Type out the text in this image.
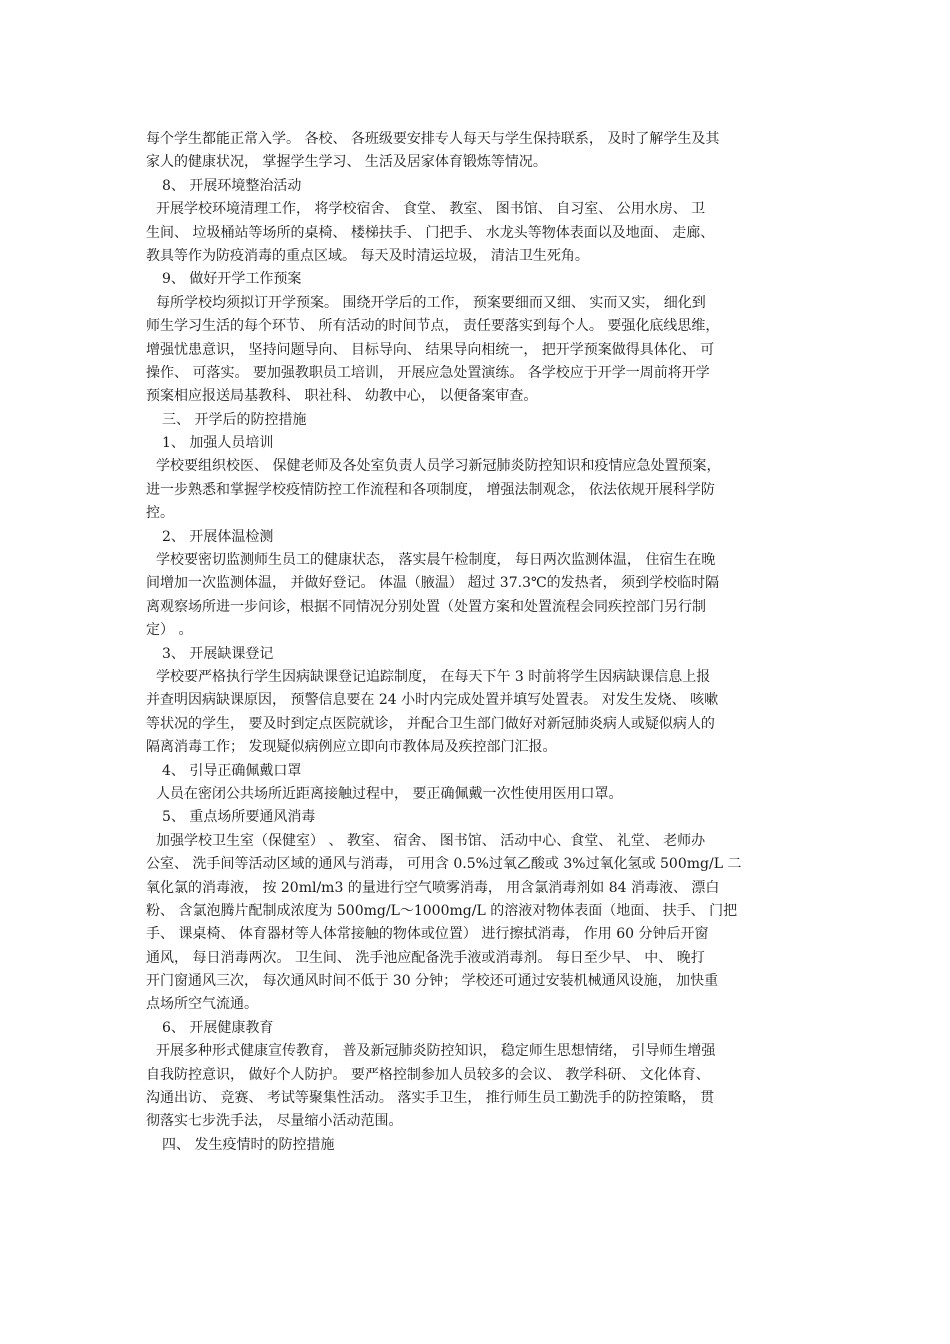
每个学生都能正常入学。 各校、 各班级要安排专人每天与学生保持联系， 及时了解学生及其
家人的健康状况， 掌握学生学习、 生活及居家体育锻炼等情况。
8、 开展环境整治活动
开展学校环境清理工作， 将学校宿舍、 食堂、 教室、 图书馆、 自习室、 公用水房、 卫
生间、 垃圾桶站等场所的桌椅、 楼梯扶手、 门把手、 水龙头等物体表面以及地面、 走廊、
教具等作为防疫消毒的重点区域。 每天及时清运垃圾， 清洁卫生死角。
9、 做好开学工作预案
每所学校均须拟订开学预案。 围绕开学后的工作， 预案要细而又细、 实而又实， 细化到
师生学习生活的每个环节、 所有活动的时间节点， 责任要落实到每个人。 要强化底线思维，
增强忧患意识， 坚持问题导向、 目标导向、 结果导向相统一， 把开学预案做得具体化、 可
操作、 可落实。 要加强教职员工培训， 开展应急处置演练。 各学校应于开学一周前将开学
预案相应报送局基教科、 职社科、 幼教中心， 以便备案审查。
三、 开学后的防控措施
1、 加强人员培训
学校要组织校医、 保健老师及各处室负责人员学习新冠肺炎防控知识和疫情应急处置预案，
进一步熟悉和掌握学校疫情防控工作流程和各项制度， 增强法制观念， 依法依规开展科学防
控。
2、 开展体温检测
学校要密切监测师生员工的健康状态， 落实晨午检制度， 每日两次监测体温， 住宿生在晚
间增加一次监测体温， 并做好登记。 体温（腋温） 超过 37.3℃的发热者， 须到学校临时隔
离观察场所进一步问诊，根据不同情况分别处置（处置方案和处置流程会同疾控部门另行制
定） 。
3、 开展缺课登记
学校要严格执行学生因病缺课登记追踪制度， 在每天下午 3 时前将学生因病缺课信息上报
并查明因病缺课原因， 预警信息要在 24 小时内完成处置并填写处置表。 对发生发烧、 咳嗽
等状况的学生， 要及时到定点医院就诊， 并配合卫生部门做好对新冠肺炎病人或疑似病人的
隔离消毒工作； 发现疑似病例应立即向市教体局及疾控部门汇报。
4、 引导正确佩戴口罩
人员在密闭公共场所近距离接触过程中， 要正确佩戴一次性使用医用口罩。
5、 重点场所要通风消毒
加强学校卫生室（保健室） 、 教室、 宿舍、 图书馆、 活动中心、食堂、 礼堂、 老师办
公室、 洗手间等活动区域的通风与消毒， 可用含 0.5%过氧乙酸或 3%过氧化氢或 500mg/L 二
氧化氯的消毒液， 按 20ml/m3 的量进行空气喷雾消毒， 用含氯消毒剂如 84 消毒液、 漂白
粉、 含氯泡腾片配制成浓度为 500mg/L～1000mg/L 的溶液对物体表面（地面、 扶手、 门把
手、 课桌椅、 体育器材等人体常接触的物体或位置） 进行擦拭消毒， 作用 60 分钟后开窗
通风， 每日消毒两次。 卫生间、 洗手池应配备洗手液或消毒剂。 每日至少早、 中、 晚打
开门窗通风三次， 每次通风时间不低于 30 分钟； 学校还可通过安装机械通风设施， 加快重
点场所空气流通。
6、 开展健康教育
开展多种形式健康宣传教育， 普及新冠肺炎防控知识， 稳定师生思想情绪， 引导师生增强
自我防控意识， 做好个人防护。 要严格控制参加人员较多的会议、 教学科研、 文化体育、
沟通出访、 竞赛、 考试等聚集性活动。 落实手卫生， 推行师生员工勤洗手的防控策略， 贯
彻落实七步洗手法， 尽量缩小活动范围。
四、 发生疫情时的防控措施
